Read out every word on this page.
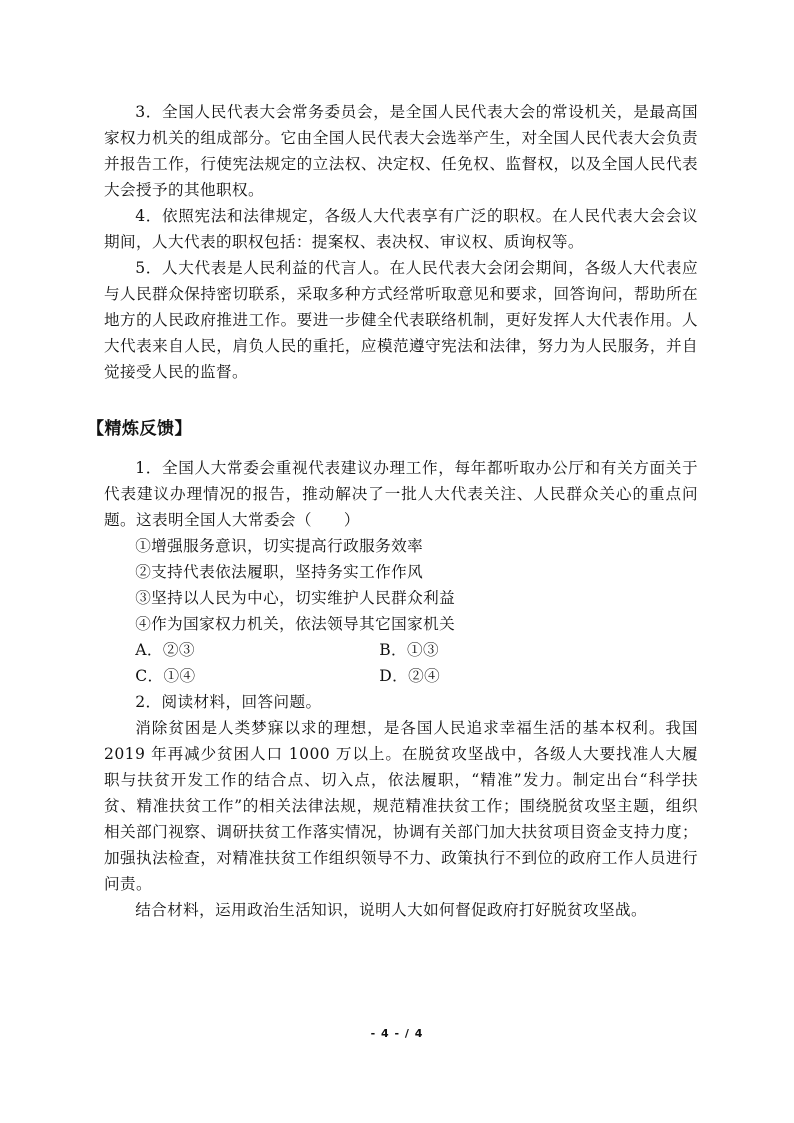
3．全国人民代表大会常务委员会，是全国人民代表大会的常设机关，是最高国家权力机关的组成部分。它由全国人民代表大会选举产生，对全国人民代表大会负责并报告工作，行使宪法规定的立法权、决定权、任免权、监督权，以及全国人民代表大会授予的其他职权。

4．依照宪法和法律规定，各级人大代表享有广泛的职权。在人民代表大会会议期间，人大代表的职权包括：提案权、表决权、审议权、质询权等。

5．人大代表是人民利益的代言人。在人民代表大会闭会期间，各级人大代表应与人民群众保持密切联系，采取多种方式经常听取意见和要求，回答询问，帮助所在地方的人民政府推进工作。要进一步健全代表联络机制，更好发挥人大代表作用。人大代表来自人民，肩负人民的重托，应模范遵守宪法和法律，努力为人民服务，并自觉接受人民的监督。

【精炼反馈】

1．全国人大常委会重视代表建议办理工作，每年都听取办公厅和有关方面关于代表建议办理情况的报告，推动解决了一批人大代表关注、人民群众关心的重点问题。这表明全国人大常委会（　　）

①增强服务意识，切实提高行政服务效率

②支持代表依法履职，坚持务实工作作风

③坚持以人民为中心，切实维护人民群众利益

④作为国家权力机关，依法领导其它国家机关

A．②③	B．①③
C．①④	D．②④

2．阅读材料，回答问题。

消除贫困是人类梦寐以求的理想，是各国人民追求幸福生活的基本权利。我国 2019 年再减少贫困人口 1000 万以上。在脱贫攻坚战中，各级人大要找准人大履职与扶贫开发工作的结合点、切入点，依法履职，“精准”发力。制定出台“科学扶贫、精准扶贫工作”的相关法律法规，规范精准扶贫工作；围绕脱贫攻坚主题，组织相关部门视察、调研扶贫工作落实情况，协调有关部门加大扶贫项目资金支持力度；加强执法检查，对精准扶贫工作组织领导不力、政策执行不到位的政府工作人员进行问责。

结合材料，运用政治生活知识，说明人大如何督促政府打好脱贫攻坚战。

- 4 - / 4
